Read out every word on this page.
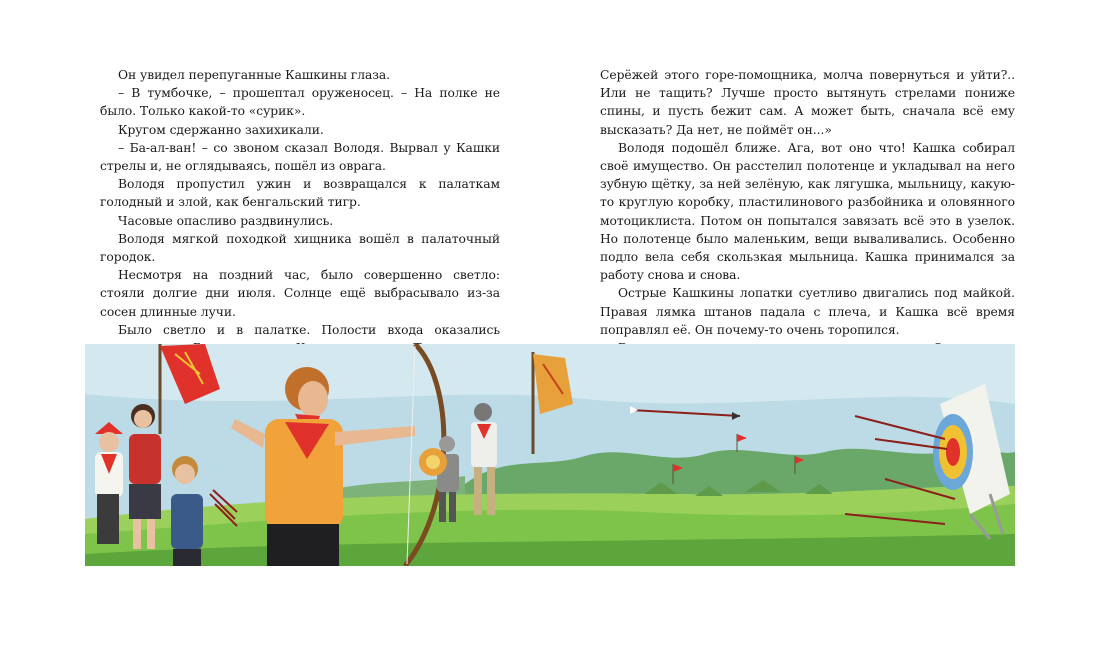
Он увидел перепуганные Кашкины глаза.

– В тумбочке, – прошептал оруженосец. – На полке не было. Только какой-то «сурик».

Кругом сдержанно захихикали.

– Ба-ал-ван! – со звоном сказал Володя. Вырвал у Кашки стрелы и, не оглядываясь, пошёл из оврага.

Володя пропустил ужин и возвращался к палаткам голодный и злой, как бенгальский тигр.

Часовые опасливо раздвинулись.

Володя мягкой походкой хищника вошёл в палаточный городок.

Несмотря на поздний час, было совершенно светло: стояли долгие дни июля. Солнце ещё выбрасывало из-за сосен длинные лучи.

Было светло и в палатке. Полости входа оказались

Серёжей этого горе-помощника, молча повернуться и уйти?.. Или не тащить? Лучше просто вытянуть стрелами пониже спины, и пусть бежит сам. А может быть, сначала всё ему высказать? Да нет, не поймёт он...»

Володя подошёл ближе. Ага, вот оно что! Кашка собирал своё имущество. Он расстелил полотенце и укладывал на него зубную щётку, за ней зелёную, как лягушка, мыльницу, какую-то круглую коробку, пластилинового разбойника и оловянного мотоциклиста. Потом он попытался завязать всё это в узелок. Но полотенце было маленьким, вещи вываливались. Особенно подло вела себя скользкая мыльница. Кашка принимался за работу снова и снова.

Острые Кашкины лопатки суетливо двигались под майкой. Правая лямка штанов падала с плеча, и Кашка всё время поправлял её. Он почему-то очень торопился.
